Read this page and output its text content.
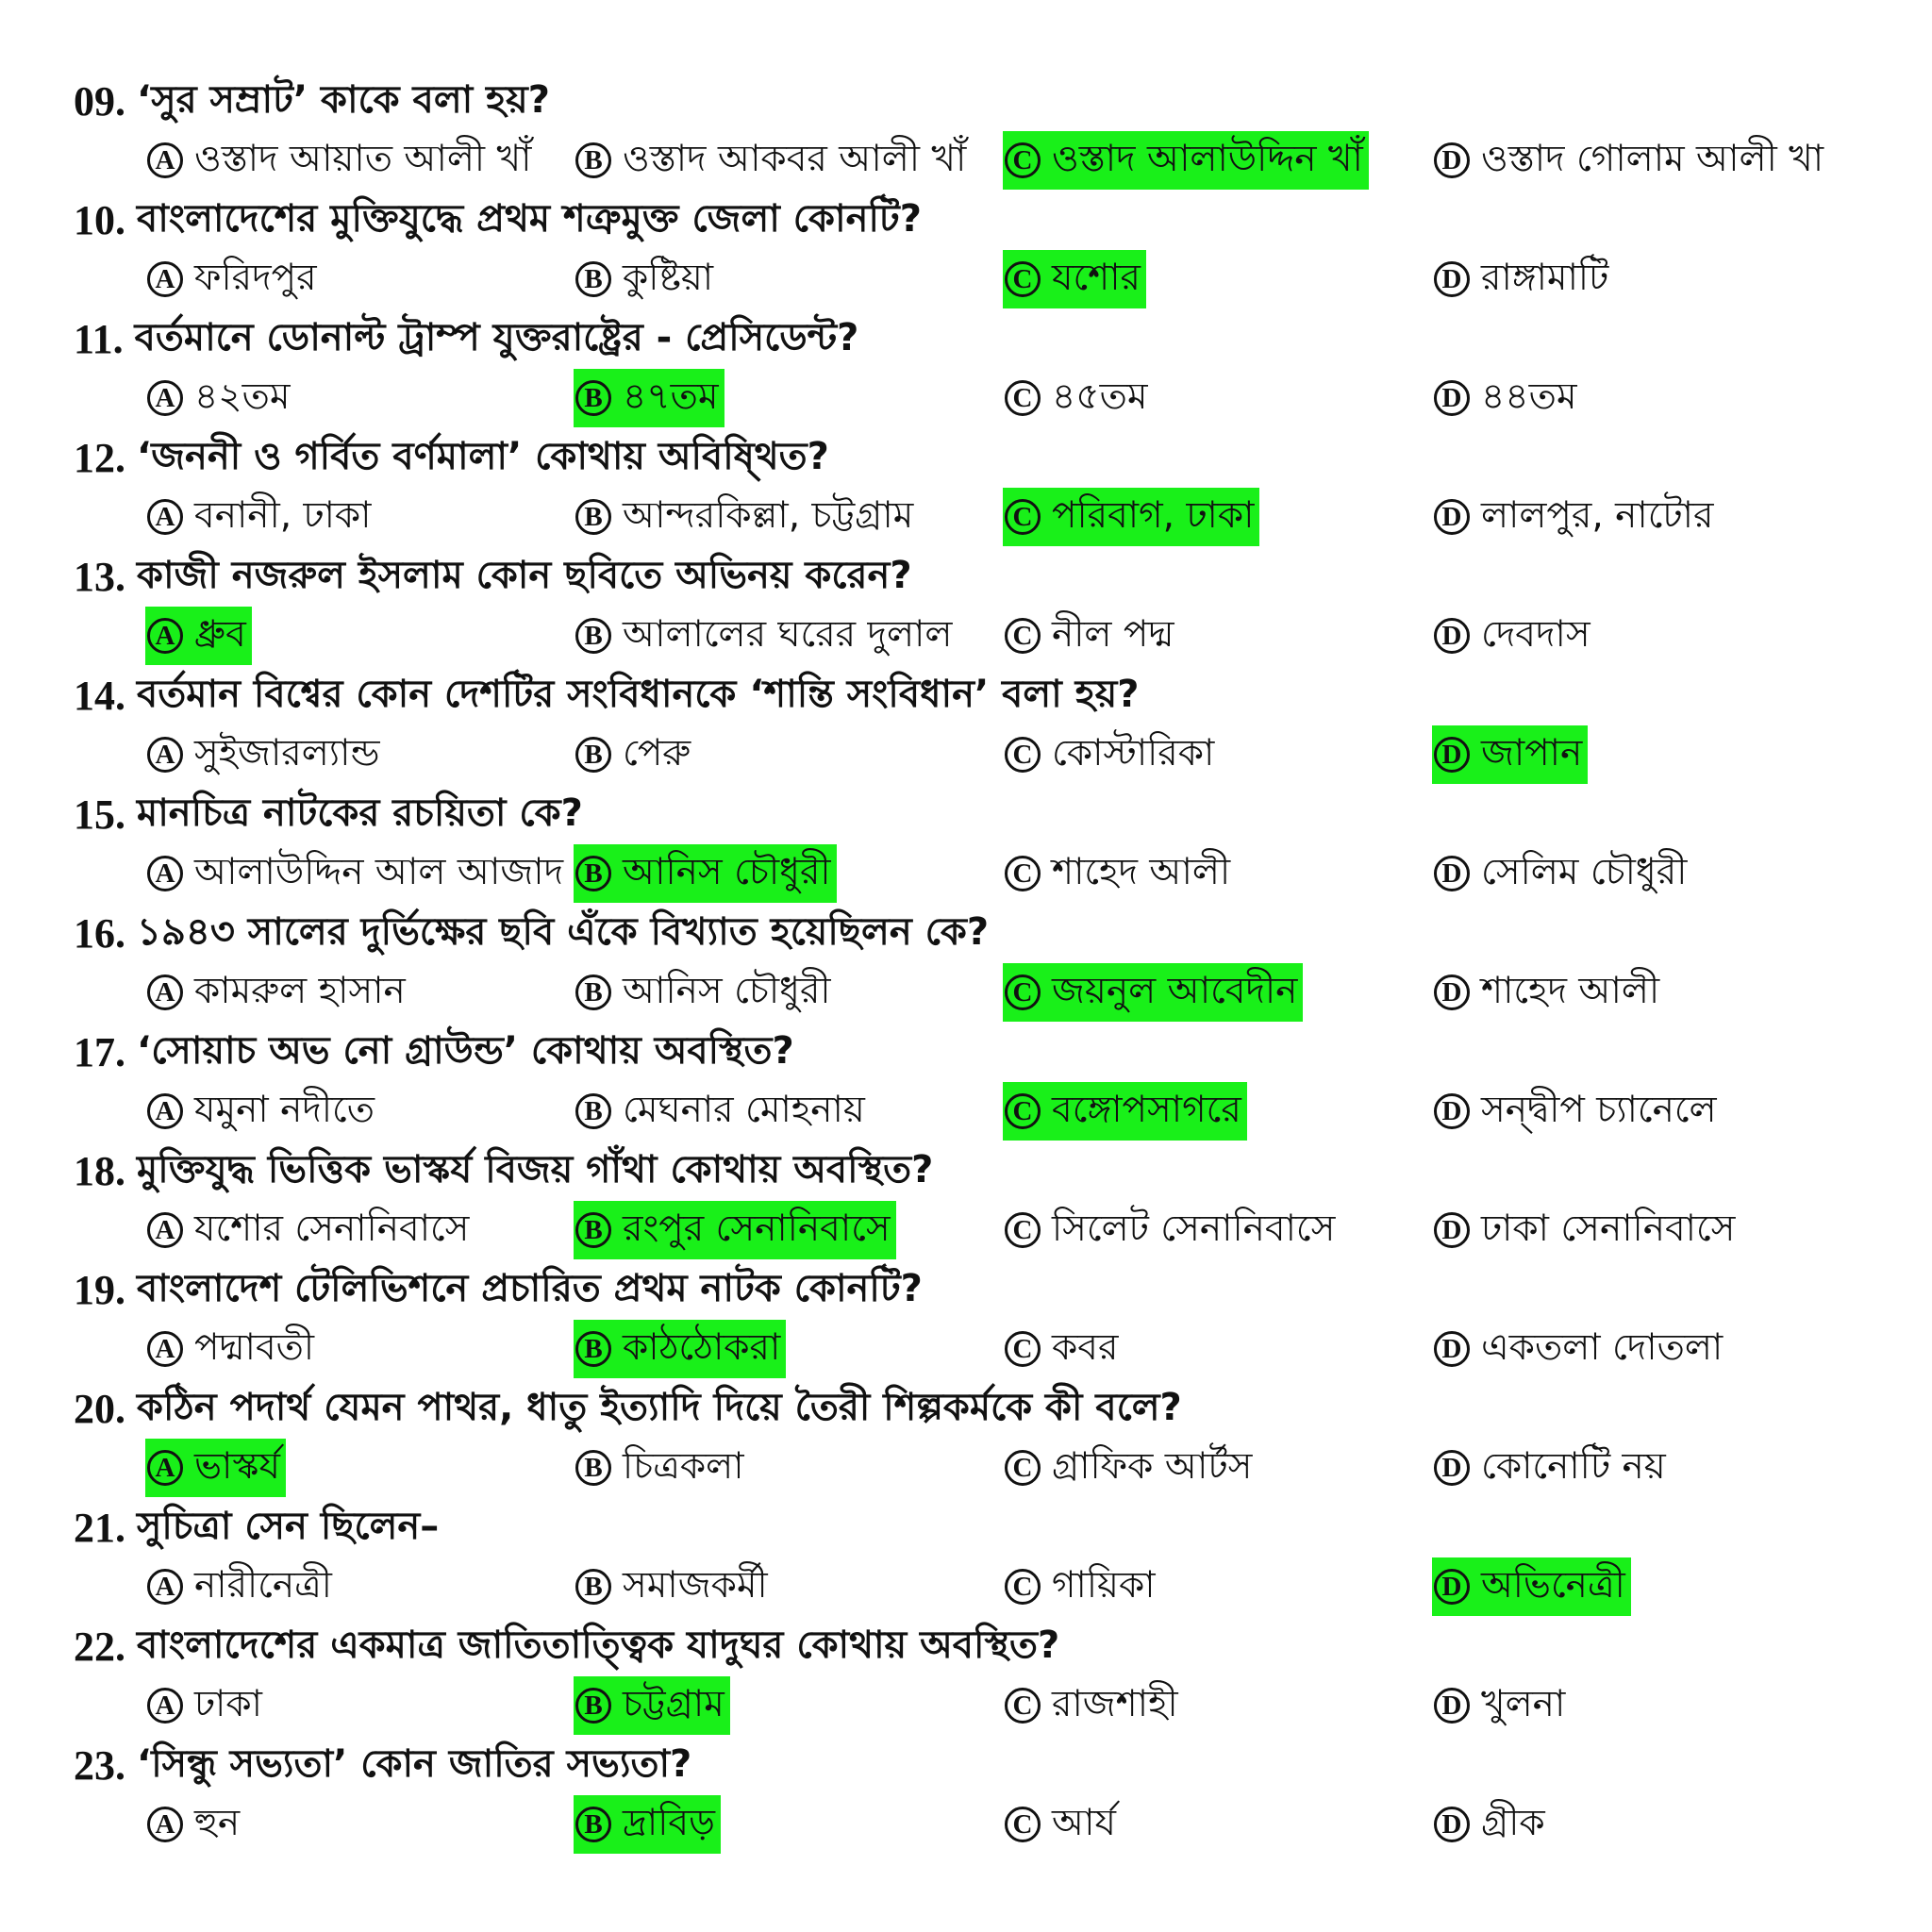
09. ‘সুর সম্রাট’ কাকে বলা হয়?
A ওস্তাদ আয়াত আলী খাঁ	B ওস্তাদ আকবর আলী খাঁ C ওস্তাদ আলাউদ্দিন খাঁ	D ওস্তাদ গোলাম আলী খা
10. বাংলাদেশের মুক্তিযুদ্ধে প্রথম শত্রুমুক্ত জেলা কোনটি?
A ফরিদপুর	B কুষ্টিয়া	C যশোর	D রাঙ্গামাটি
11. বর্তমানে ডোনাল্ট ট্রাম্প যুক্তরাষ্ট্রের - প্রেসিডেন্ট?
A ৪২তম	B ৪৭তম	C ৪৫তম	D ৪৪তম
12. ‘জননী ও গর্বিত বর্ণমালা’ কোথায় অবিষ্থিত?
A বনানী, ঢাকা	B আন্দরকিল্লা, চট্টগ্রাম	C পরিবাগ, ঢাকা	D লালপুর, নাটোর
13. কাজী নজরুল ইসলাম কোন ছবিতে অভিনয় করেন?
A ধ্রুব	B আলালের ঘরের দুলাল C নীল পদ্ম	D দেবদাস
14. বর্তমান বিশ্বের কোন দেশটির সংবিধানকে ‘শান্তি সংবিধান’ বলা হয়?
A সুইজারল্যান্ড	B পেরু	C কোস্টারিকা	D জাপান
15. মানচিত্র নাটকের রচয়িতা কে?
A আলাউদ্দিন আল আজাদ B আনিস চৌধুরী	C শাহেদ আলী	D সেলিম চৌধুরী
16. ১৯৪৩ সালের দুর্ভিক্ষের ছবি এঁকে বিখ্যাত হয়েছিলন কে?
A কামরুল হাসান	B আনিস চৌধুরী	C জয়নুল আবেদীন	D শাহেদ আলী
17. ‘সোয়াচ অভ নো গ্রাউন্ড’ কোথায় অবস্থিত?
A যমুনা নদীতে	B মেঘনার মোহনায়	C বঙ্গোপসাগরে	D সন্দ্বীপ চ্যানেলে
18. মুক্তিযুদ্ধ ভিত্তিক ভাস্কর্য বিজয় গাঁথা কোথায় অবস্থিত?
A যশোর সেনানিবাসে	B রংপুর সেনানিবাসে	C সিলেট সেনানিবাসে	D ঢাকা সেনানিবাসে
19. বাংলাদেশ টেলিভিশনে প্রচারিত প্রথম নাটক কোনটি?
A পদ্মাবতী	B কাঠঠোকরা	C কবর	D একতলা দোতলা
20. কঠিন পদার্থ যেমন পাথর, ধাতু ইত্যাদি দিয়ে তৈরী শিল্পকর্মকে কী বলে?
A ভাস্কর্য	B চিত্রকলা	C গ্রাফিক আর্টস	D কোনোটি নয়
21. সুচিত্রা সেন ছিলেন–
A নারীনেত্রী	B সমাজকর্মী	C গায়িকা	D অভিনেত্রী
22. বাংলাদেশের একমাত্র জাতিতাত্ত্বিক যাদুঘর কোথায় অবস্থিত?
A ঢাকা	B চট্টগ্রাম	C রাজশাহী	D খুলনা
23. ‘সিন্ধু সভ্যতা’ কোন জাতির সভ্যতা?
A হুন	B দ্রাবিড়	C আর্য	D গ্রীক
